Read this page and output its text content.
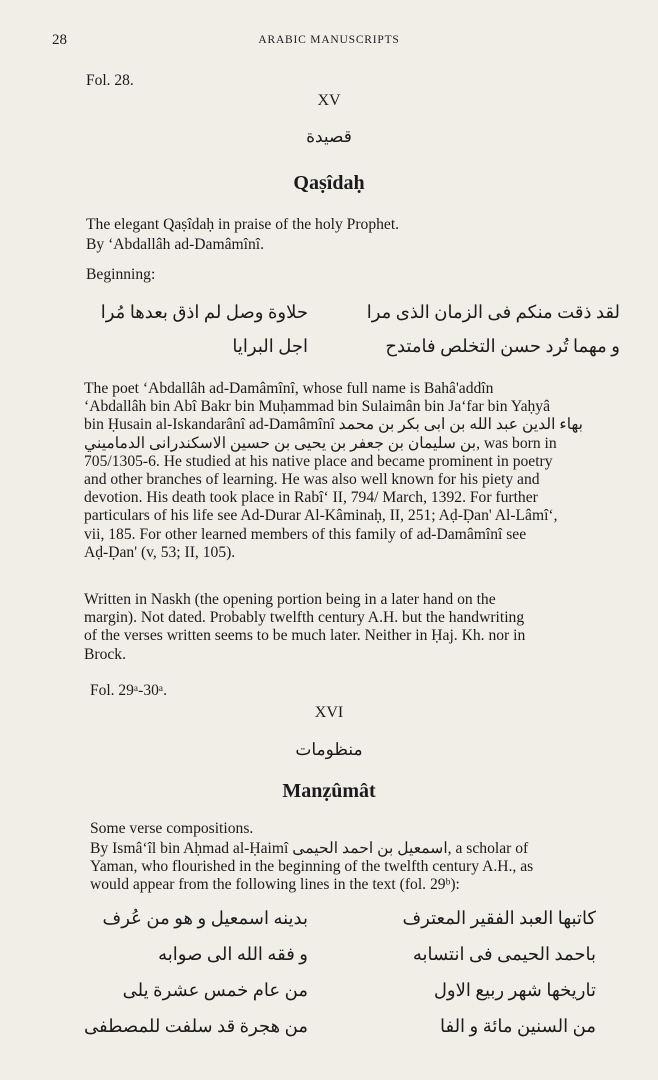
28	ARABIC MANUSCRIPTS
Fol. 28.
XV
قصيدة
Qaṣîdaḥ
The elegant Qaṣîdaḥ in praise of the holy Prophet.
By ‘Abdallâh ad-Damâmînî.
Beginning:
لقد ذقت منكم فى الزمان الذى مرا
حلاوة وصل لم اذق بعدها مُرا
و مهما تُرد حسن التخلص فامتدح
اجل البرايا
The poet ‘Abdallâh ad-Damâmînî, whose full name is Bahâ'addîn
‘Abdallâh bin Abî Bakr bin Muḥammad bin Sulaimân bin Ja‘far bin Yaḥyâ
bin Ḥusain al-Iskandarânî ad-Damâmînî بهاء الدين عبد الله بن ابى بكر بن محمد
بن سليمان بن جعفر بن يحيى بن حسين الاسكندرانى الدماميني, was born in
705/1305-6. He studied at his native place and became prominent in poetry
and other branches of learning. He was also well known for his piety and
devotion. His death took place in Rabî‘ II, 794/ March, 1392. For further
particulars of his life see Ad-Durar Al-Kâminaḥ, II, 251; Aḍ-Ḍan' Al-Lâmî‘,
vii, 185. For other learned members of this family of ad-Damâmînî see
Aḍ-Ḍan' (v, 53; II, 105).
Written in Naskh (the opening portion being in a later hand on the
margin). Not dated. Probably twelfth century A.H. but the handwriting
of the verses written seems to be much later. Neither in Ḥaj. Kh. nor in
Brock.
Fol. 29ᵃ-30ᵃ.
XVI
منظومات
Manẓûmât
Some verse compositions.
By Ismâ‘îl bin Aḥmad al-Ḥaimî اسمعيل بن احمد الحيمى, a scholar of
Yaman, who flourished in the beginning of the twelfth century A.H., as
would appear from the following lines in the text (fol. 29ᵇ):
كاتبها العبد الفقير المعترف
بدينه اسمعيل و هو من عُرف
باحمد الحيمى فى انتسابه
و فقه الله الى صوابه
تاريخها شهر ربيع الاول
من عام خمس عشرة يلى
من السنين مائة و الفا
من هجرة قد سلفت للمصطفى
